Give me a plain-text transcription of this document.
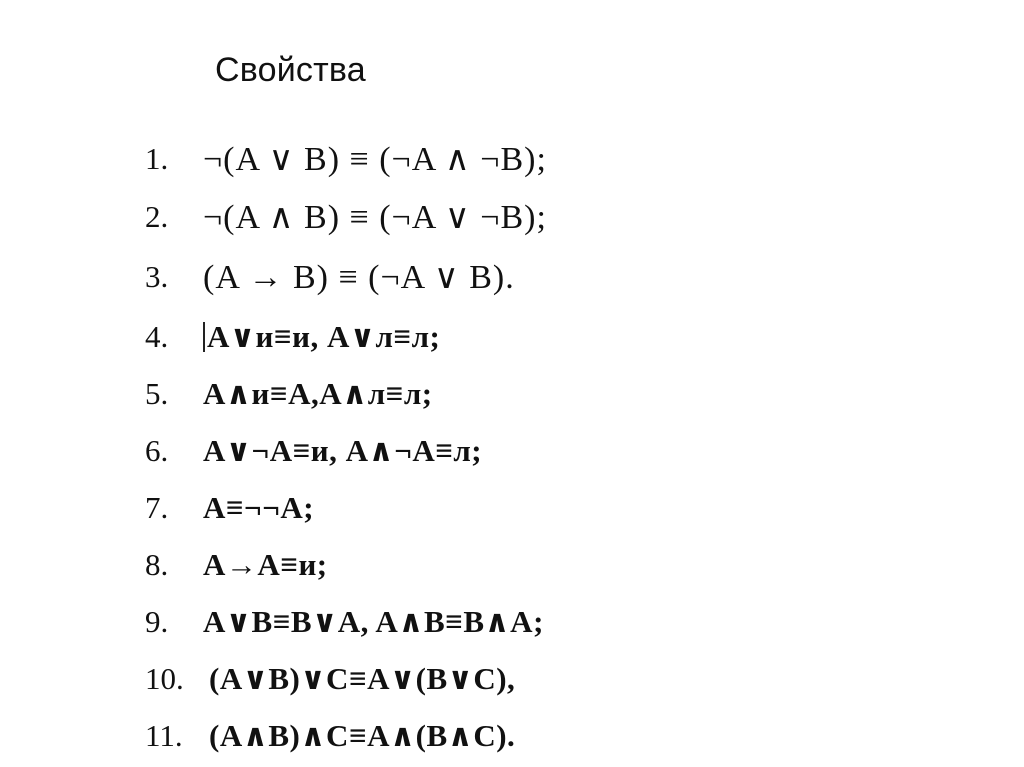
Свойства
1.	¬(A ∨ B) ≡ (¬A ∧ ¬B);
2.	¬(A ∧ B) ≡ (¬A ∨ ¬B);
3.	(A → B) ≡ (¬A ∨ B).
4.	A∨и≡и, A∨л≡л;
5.	A∧и≡A,A∧л≡л;
6.	A∨¬A≡и, A∧¬A≡л;
7.	A≡¬¬A;
8.	A→A≡и;
9.	A∨B≡B∨A, A∧B≡B∧A;
10. (A∨B)∨C≡A∨(B∨C),
11. (A∧B)∧C≡A∧(B∧C).
